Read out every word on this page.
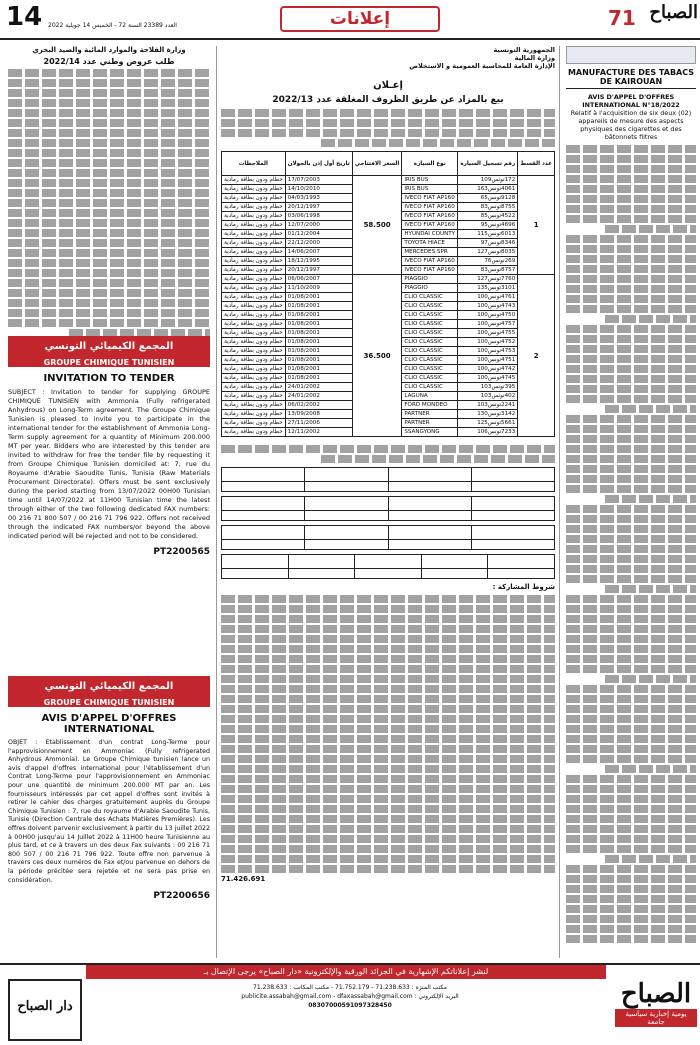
14 العدد 23389 السنة 72 - الخميس 14 جويلية 2022	إعلانات	71 الصباح
وزارة الفلاحة والموارد المائية والصيد البحري
طلب عروض وطني عدد 2022/14
المجمع الكيميائي التونسي
GROUPE CHIMIQUE TUNISIEN
INVITATION TO TENDER
SUBJECT : Invitation to tender for supplying GROUPE CHIMIQUE TUNISIEN with Ammonia (Fully refrigerated Anhydrous) on Long-Term agreement. The Groupe Chimique Tunisien is pleased to invite you to participate in the international tender for the establishment of Ammonia Long-Term supply agreement for a quantity of Minimum 200.000 MT per year. Bidders who are interested by this tender are invited to withdraw for free the tender file by requesting it from Groupe Chimique Tunisien domiciled at: 7, rue du Royaume d'Arabie Saoudite Tunis, Tunisia (Raw Materials Procurement Directorate). Offers must be sent exclusively during the period starting from 13/07/2022 00H00 Tunisian time until 14/07/2022 at 11H00 Tunisian time the latest through either of the two following dedicated FAX numbers: 00 216 71 800 507 / 00 216 71 796 922. Offers not received through the indicated FAX numbers/or beyond the above indicated period will be rejected and not to be considered.
PT2200565
المجمع الكيميائي التونسي
GROUPE CHIMIQUE TUNISIEN
AVIS D'APPEL D'OFFRES INTERNATIONAL
OBJET : Etablissement d'un contrat Long-Terme pour l'approvisionnement en Ammoniac (Fully refrigerated Anhydrous Ammonia). Le Groupe Chimique tunisien lance un avis d'appel d'offres international pour l'établissement d'un Contrat Long-Terme pour l'approvisionnement en Ammoniac pour une quantité de minimum 200.000 MT par an. Les fournisseurs intéressés par cet appel d'offres sont invités à retirer le cahier des charges gratuitement auprès du Groupe Chimique Tunisien : 7, rue du royaume d'Arabie Saoudite Tunis, Tunisie (Direction Centrale des Achats Matières Premières). Les offres doivent parvenir exclusivement à partir du 13 juillet 2022 à 00H00 jusqu'au 14 Juillet 2022 à 11H00 heure Tunisienne au plus tard, et ce à travers un des deux Fax suivants : 00 216 71 800 507 / 00 216 71 796 922. Toute offre non parvenue à travers ces deux numéros de Fax et/ou parvenue en dehors de la période précitée sera rejetée et ne sera pas prise en considération.
PT2200656
الجمهورية التونسية
وزارة المالية
الإدارة العامة للمحاسبة العمومية و الاستخلاص
إعـلان
بيع بالمزاد عن طريق الظروف المغلقة عدد 2022/13
الملاحظات	تاريخ أول إذن بالجولان	السعر الافتتاحي	نوع السيارة	رقم تسجيل السيارة	عدد القسط
حطام ودون بطاقة رمادية	17/07/2003	58.500	IRIS BUS	172تونس109	1
حطام ودون بطاقة رمادية	14/10/2010		IRIS BUS	4061تونس163	
حطام ودون بطاقة رمادية	04/03/1993		IVECO FIAT AP160	9128تونس65	
حطام ودون بطاقة رمادية	20/12/1997		IVECO FIAT AP160	8755تونس83	
حطام ودون بطاقة رمادية	03/06/1998		IVECO FIAT AP160	4522تونس85	
حطام ودون بطاقة رمادية	12/07/2000		IVECO FIAT AP160	4696تونس95	
حطام ودون بطاقة رمادية	01/12/2004		HYUNDAI COUNTY	6013تونس115	
حطام ودون بطاقة رمادية	22/12/2000		TOYOTA HIACE	8346تونس97	
حطام ودون بطاقة رمادية	14/06/2007		MERCEDES SPR	8035تونس127	
حطام ودون بطاقة رمادية	18/12/1995		IVECO FIAT AP160	269تونس76	
حطام ودون بطاقة رمادية	20/12/1997		IVECO FIAT AP160	8757تونس83	
حطام ودون بطاقة رمادية	06/06/2007	36.500	PIAGGIO	7760تونس127	2
حطام ودون بطاقة رمادية	11/10/2009		PIAGGIO	3101تونس135	
حطام ودون بطاقة رمادية	01/08/2001		CLIO CLASSIC	4761تونس100	
حطام ودون بطاقة رمادية	01/08/2001		CLIO CLASSIC	4743تونس100	
حطام ودون بطاقة رمادية	01/08/2001		CLIO CLASSIC	4750تونس100	
حطام ودون بطاقة رمادية	01/08/2001		CLIO CLASSIC	4757تونس100	
حطام ودون بطاقة رمادية	01/08/2001		CLIO CLASSIC	4755تونس100	
حطام ودون بطاقة رمادية	01/08/2001		CLIO CLASSIC	4752تونس100	
حطام ودون بطاقة رمادية	01/08/2001		CLIO CLASSIC	4753تونس100	
حطام ودون بطاقة رمادية	01/08/2001		CLIO CLASSIC	4751تونس100	
حطام ودون بطاقة رمادية	01/08/2001		CLIO CLASSIC	4742تونس100	
حطام ودون بطاقة رمادية	01/08/2001		CLIO CLASSIC	4745تونس100	
حطام ودون بطاقة رمادية	24/01/2002		CLIO CLASSIC	395تونس103	
حطام ودون بطاقة رمادية	24/01/2002		LAGUNA	402تونس103	
حطام ودون بطاقة رمادية	06/02/2002		FORD MONDEO	2241تونس103	
حطام ودون بطاقة رمادية	13/09/2008		PARTNER	3142تونس130	
حطام ودون بطاقة رمادية	27/11/2006		PARTNER	5661تونس125	
حطام ودون بطاقة رمادية	12/11/2002		SSANGYONG	7233تونس106	

شروط المشاركة :
71.426.691
MANUFACTURE DES TABACS DE KAIROUAN
AVIS D'APPEL D'OFFRES INTERNATIONAL N°18/2022
Relatif à l'acquisition de six deux (02) appareils de mesure des aspects physiques des cigarettes et des bâtonnets filtres
لنشر إعلاناتكم الإشهارية في الجرائد الورقية والإلكترونية «دار الصباح» يرجى الإتصال بـ
دار الصباح
مكتب المنزه : 71.238.633 - 71.752.179 - مكتب المكاتب : 71.238.633
البريد الإلكتروني : publicite.assabah@gmail.com - dfaxassabah@gmail.com
08307000591097328450	الصباح
يومية إخبارية سياسية جامعة
